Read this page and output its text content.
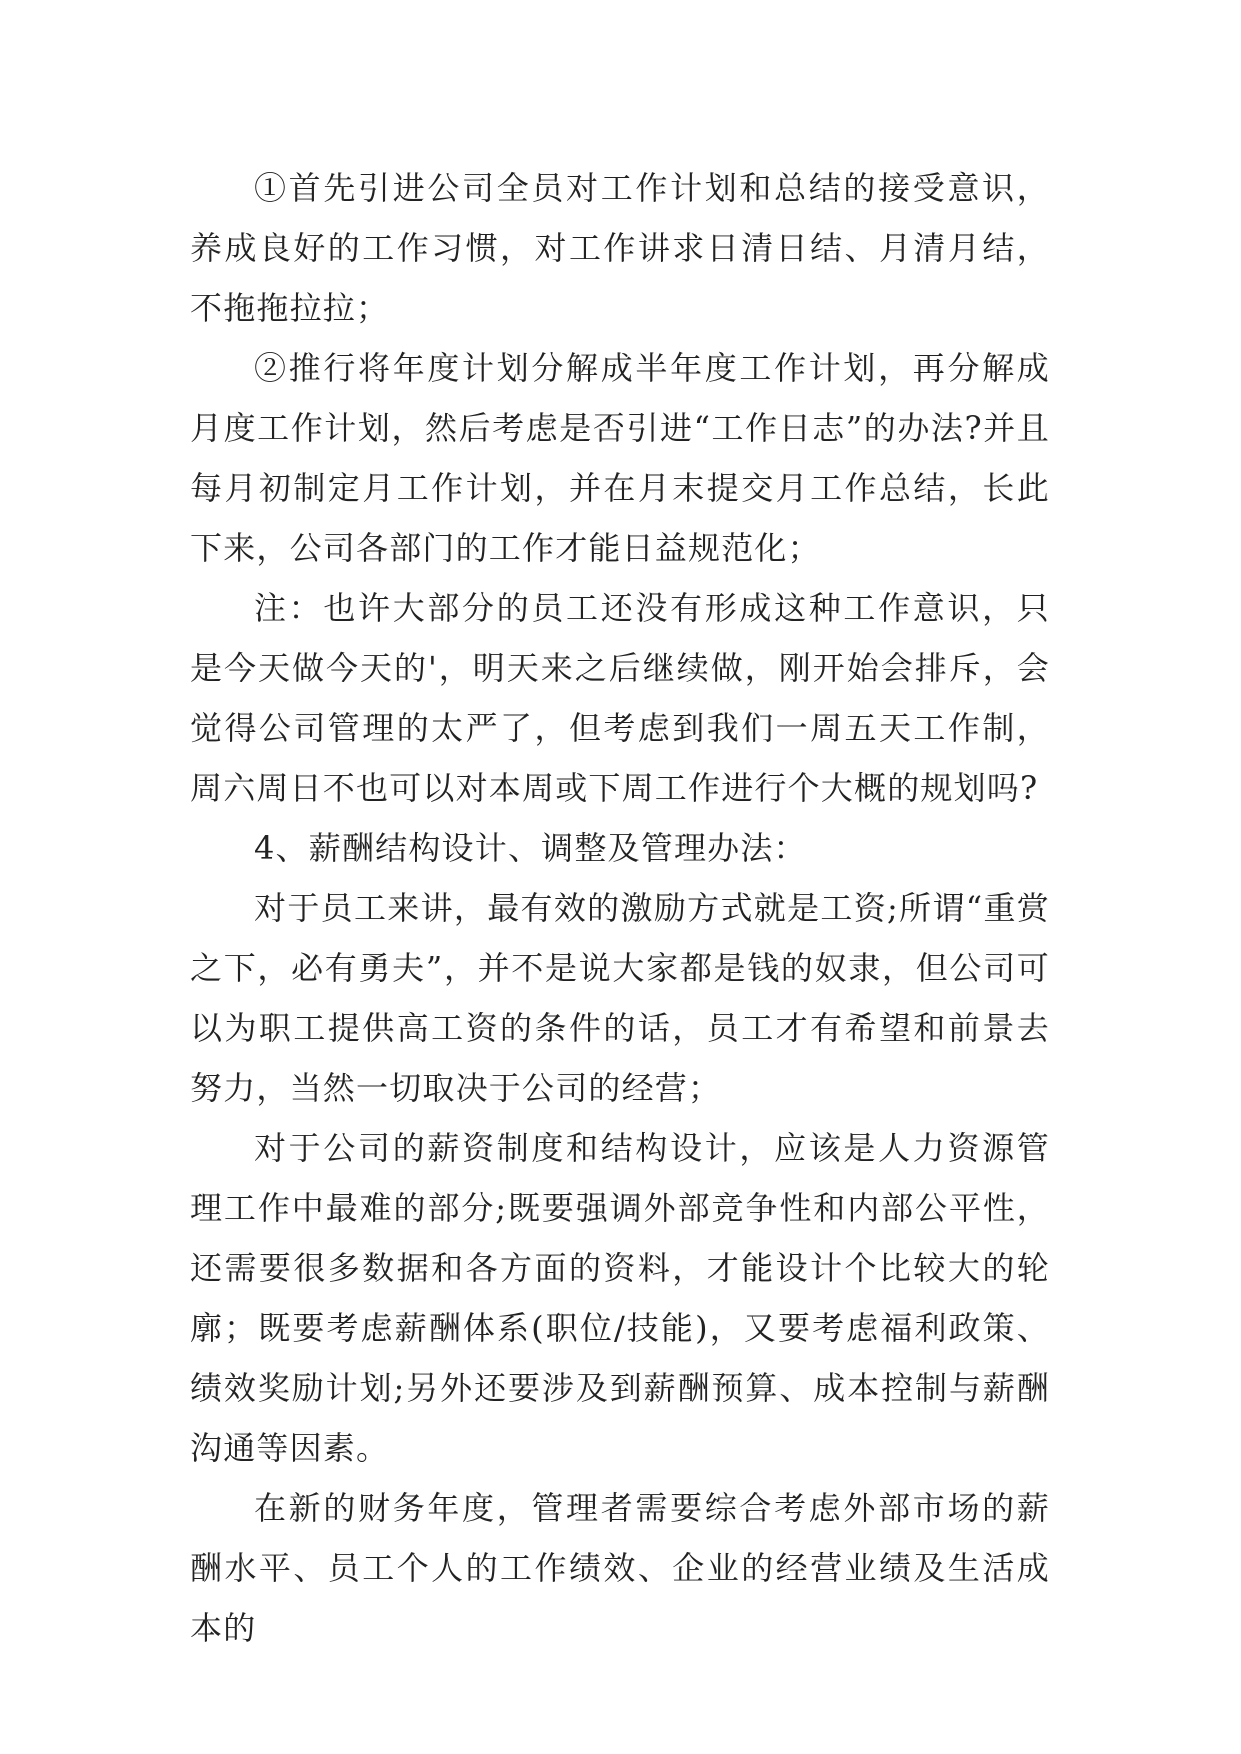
①首先引进公司全员对工作计划和总结的接受意识，养成良好的工作习惯，对工作讲求日清日结、月清月结，不拖拖拉拉；

②推行将年度计划分解成半年度工作计划，再分解成月度工作计划，然后考虑是否引进“工作日志”的办法?并且每月初制定月工作计划，并在月末提交月工作总结，长此下来，公司各部门的工作才能日益规范化；

注：也许大部分的员工还没有形成这种工作意识，只是今天做今天的'，明天来之后继续做，刚开始会排斥，会觉得公司管理的太严了，但考虑到我们一周五天工作制，周六周日不也可以对本周或下周工作进行个大概的规划吗?

4、薪酬结构设计、调整及管理办法：

对于员工来讲，最有效的激励方式就是工资;所谓“重赏之下，必有勇夫”，并不是说大家都是钱的奴隶，但公司可以为职工提供高工资的条件的话，员工才有希望和前景去努力，当然一切取决于公司的经营；

对于公司的薪资制度和结构设计，应该是人力资源管理工作中最难的部分;既要强调外部竞争性和内部公平性，还需要很多数据和各方面的资料，才能设计个比较大的轮廓；既要考虑薪酬体系(职位/技能)，又要考虑福利政策、绩效奖励计划;另外还要涉及到薪酬预算、成本控制与薪酬沟通等因素。

在新的财务年度，管理者需要综合考虑外部市场的薪酬水平、员工个人的工作绩效、企业的经营业绩及生活成本的
